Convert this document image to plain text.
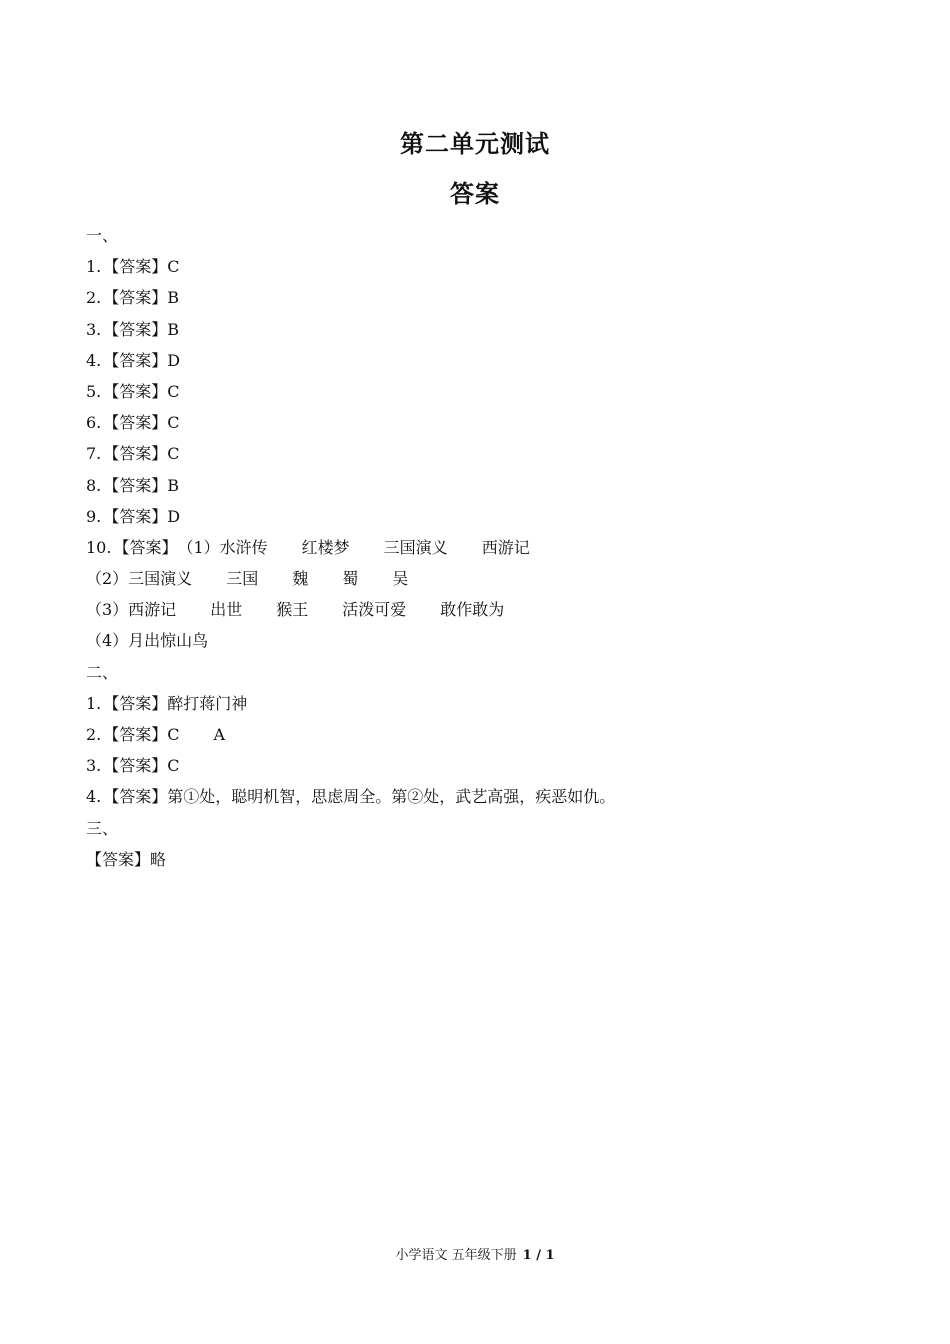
第二单元测试
答案
一、
1. 【答案】C
2. 【答案】B
3. 【答案】B
4. 【答案】D
5. 【答案】C
6. 【答案】C
7. 【答案】C
8. 【答案】B
9. 【答案】D
10. 【答案】（1）水浒传 红楼梦 三国演义 西游记
（2）三国演义 三国 魏 蜀 吴
（3）西游记 出世 猴王 活泼可爱 敢作敢为
（4）月出惊山鸟
二、
1. 【答案】醉打蒋门神
2. 【答案】C A
3. 【答案】C
4. 【答案】第①处，聪明机智，思虑周全。第②处，武艺高强，疾恶如仇。
三、
【答案】略
小学语文 五年级下册 1 / 1
